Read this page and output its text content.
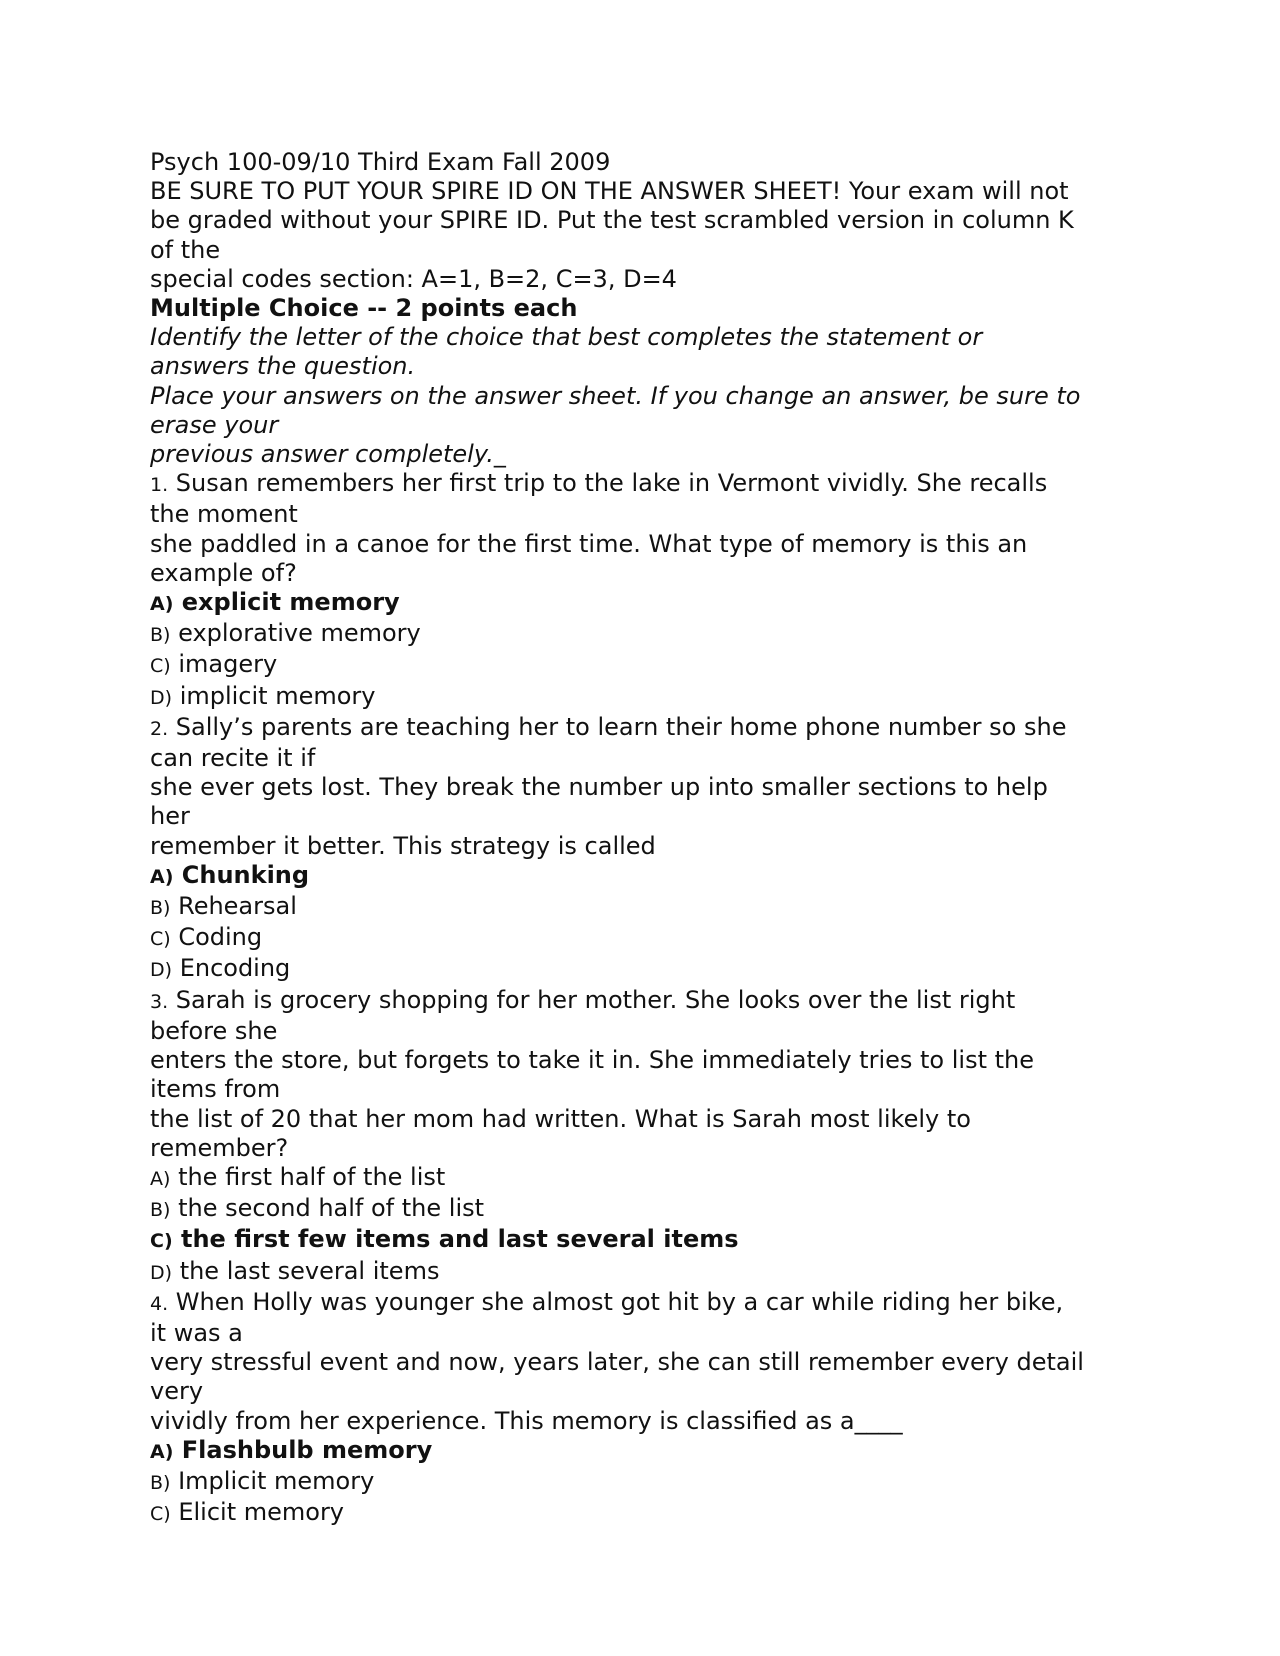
Psych 100-09/10 Third Exam Fall 2009
BE SURE TO PUT YOUR SPIRE ID ON THE ANSWER SHEET! Your exam will not
be graded without your SPIRE ID. Put the test scrambled version in column K
of the
special codes section: A=1, B=2, C=3, D=4
Multiple Choice -- 2 points each
Identify the letter of the choice that best completes the statement or
answers the question.
Place your answers on the answer sheet. If you change an answer, be sure to
erase your
previous answer completely._
1. Susan remembers her first trip to the lake in Vermont vividly. She recalls
the moment
she paddled in a canoe for the first time. What type of memory is this an
example of?
A) explicit memory
B) explorative memory
C) imagery
D) implicit memory
2. Sally’s parents are teaching her to learn their home phone number so she
can recite it if
she ever gets lost. They break the number up into smaller sections to help
her
remember it better. This strategy is called
A) Chunking
B) Rehearsal
C) Coding
D) Encoding
3. Sarah is grocery shopping for her mother. She looks over the list right
before she
enters the store, but forgets to take it in. She immediately tries to list the
items from
the list of 20 that her mom had written. What is Sarah most likely to
remember?
A) the first half of the list
B) the second half of the list
C) the first few items and last several items
D) the last several items
4. When Holly was younger she almost got hit by a car while riding her bike,
it was a
very stressful event and now, years later, she can still remember every detail
very
vividly from her experience. This memory is classified as a____
A) Flashbulb memory
B) Implicit memory
C) Elicit memory
